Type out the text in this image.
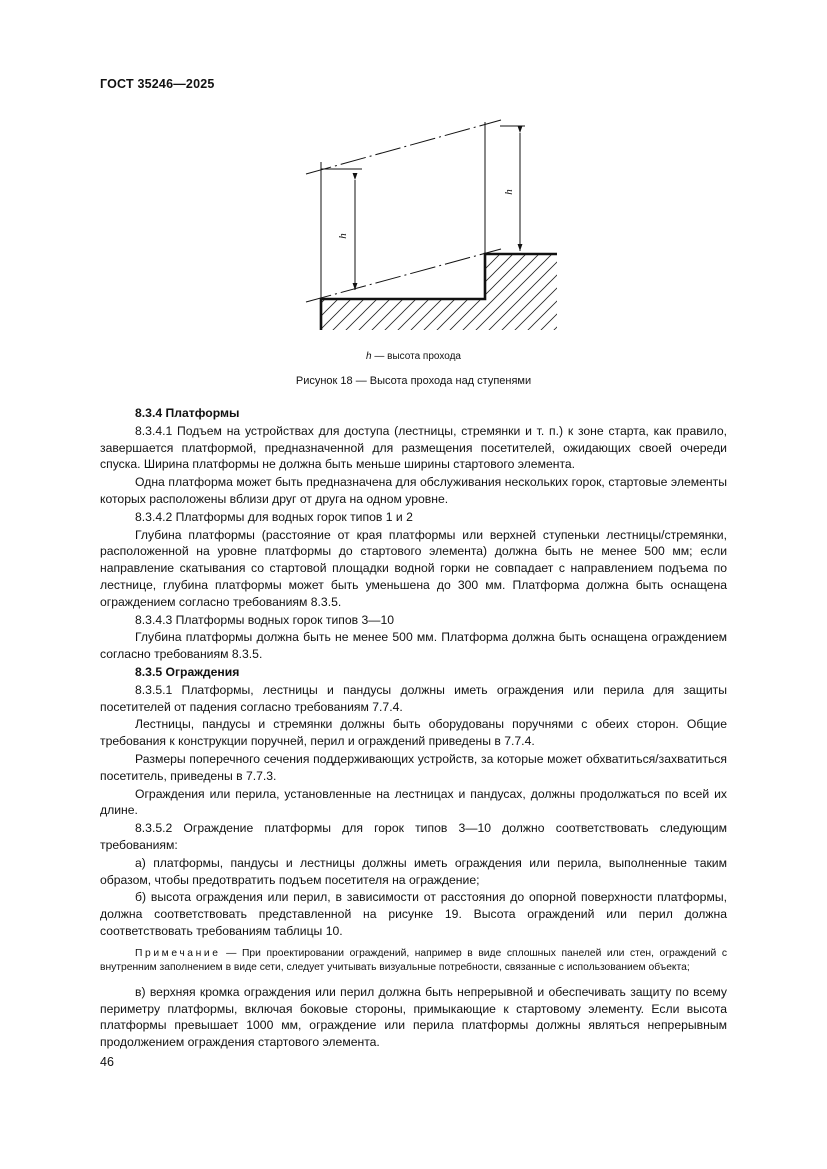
ГОСТ 35246—2025
h
h
h — высота прохода
Рисунок 18 — Высота прохода над ступенями

8.3.4 Платформы

8.3.4.1 Подъем на устройствах для доступа (лестницы, стремянки и т. п.) к зоне старта, как правило, завершается платформой, предназначенной для размещения посетителей, ожидающих своей очереди спуска. Ширина платформы не должна быть меньше ширины стартового элемента.

Одна платформа может быть предназначена для обслуживания нескольких горок, стартовые элементы которых расположены вблизи друг от друга на одном уровне.

8.3.4.2 Платформы для водных горок типов 1 и 2

Глубина платформы (расстояние от края платформы или верхней ступеньки лестницы/стремянки, расположенной на уровне платформы до стартового элемента) должна быть не менее 500 мм; если направление скатывания со стартовой площадки водной горки не совпадает с направлением подъема по лестнице, глубина платформы может быть уменьшена до 300 мм. Платформа должна быть оснащена ограждением согласно требованиям 8.3.5.

8.3.4.3 Платформы водных горок типов 3—10

Глубина платформы должна быть не менее 500 мм. Платформа должна быть оснащена ограждением согласно требованиям 8.3.5.

8.3.5 Ограждения

8.3.5.1 Платформы, лестницы и пандусы должны иметь ограждения или перила для защиты посетителей от падения согласно требованиям 7.7.4.

Лестницы, пандусы и стремянки должны быть оборудованы поручнями с обеих сторон. Общие требования к конструкции поручней, перил и ограждений приведены в 7.7.4.

Размеры поперечного сечения поддерживающих устройств, за которые может обхватиться/захватиться посетитель, приведены в 7.7.3.

Ограждения или перила, установленные на лестницах и пандусах, должны продолжаться по всей их длине.

8.3.5.2 Ограждение платформы для горок типов 3—10 должно соответствовать следующим требованиям:

а) платформы, пандусы и лестницы должны иметь ограждения или перила, выполненные таким образом, чтобы предотвратить подъем посетителя на ограждение;

б) высота ограждения или перил, в зависимости от расстояния до опорной поверхности платформы, должна соответствовать представленной на рисунке 19. Высота ограждений или перил должна соответствовать требованиям таблицы 10.

Примечание — При проектировании ограждений, например в виде сплошных панелей или стен, ограждений с внутренним заполнением в виде сети, следует учитывать визуальные потребности, связанные с использованием объекта;

в) верхняя кромка ограждения или перил должна быть непрерывной и обеспечивать защиту по всему периметру платформы, включая боковые стороны, примыкающие к стартовому элементу. Если высота платформы превышает 1000 мм, ограждение или перила платформы должны являться непрерывным продолжением ограждения стартового элемента.

46
